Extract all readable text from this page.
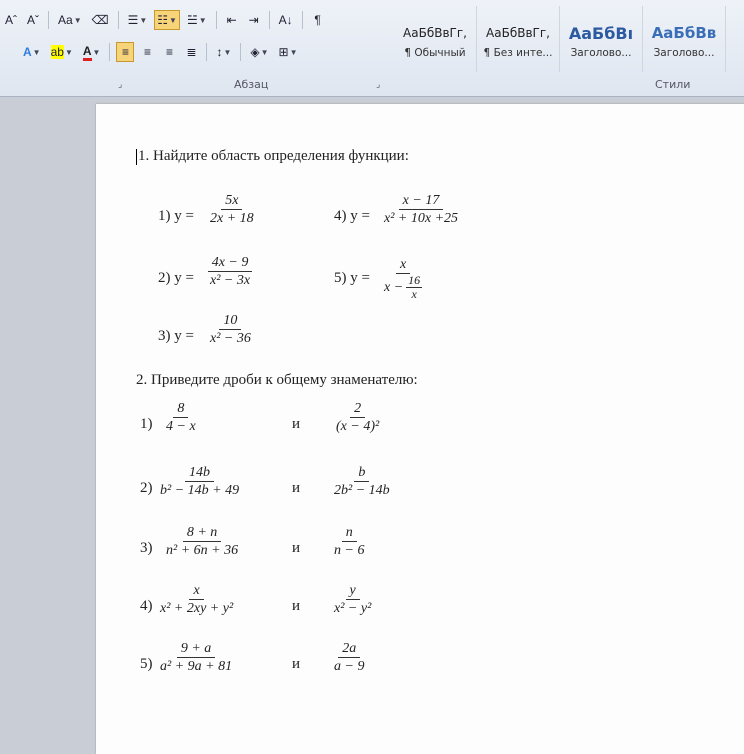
Aˆ Aˇ Aa ▼ ⌫ ☰ ▼ ☷ ▼ ☱ ▼ ⇤ ⇥ A↓	¶
A ▼ ab ▼ A ▼ ≡ ≡ ≡ ≣ ↕ ▼ ◈ ▼ ⊞ ▼
Абзац
⌟	⌟	Стили
АаБбВвГг,
¶ Обычный
АаБбВвГг,
¶ Без инте...
АаБбВı
Заголово...
АаБбВв
Заголово...
1. Найдите область определения функции:
1) $y = \frac{5x}{2x + 18}$	4) $y = \frac{x - 17}{\text{x² + 10x +25}}$
2) $y = \frac{4x - 9}{\text{x² − 3x}}$	5) $y = \frac{x}{x - \frac{16}{x}}$
3) $y = \frac{10}{\text{x² − 36}}$
2. Приведите дроби к общему знаменателю:
$1) \frac{8}{4 - x}$	и $\frac{2}{\text{(x − 4)²}}$
$2) \frac{14b}{\text{b² − 14b + 49}}$	и $\frac{b}{\text{2b² − 14b}}$
$3) \frac{8 + n}{\text{n² + 6n + 36}}$	и $\frac{n}{n - 6}$
$4) \frac{x}{\text{x² + 2xy + y²}}$	и $\frac{y}{\text{x² − y²}}$
$5) \frac{9 + a}{\text{a² + 9a + 81}}$	и $\frac{2a}{a - 9}$
